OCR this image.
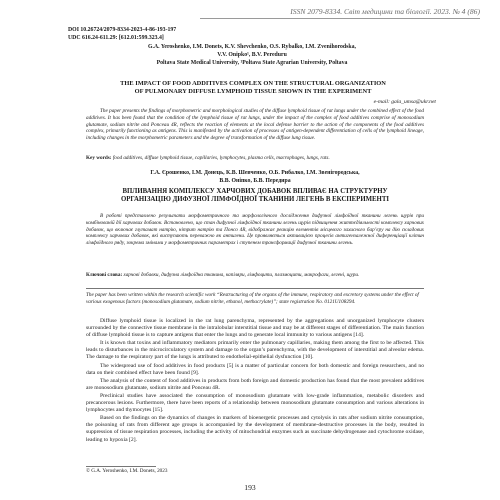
ISSN 2079-8334. Світ медицини та біології. 2023. № 4 (86)
DOI 10.26724/2079-8334-2023-4-86-193-197
UDC 616.24-611.29: [612.01:599.323.4]
G.A. Yeroshenko, I.M. Donets, K.V. Shevchenko, O.S. Rybalko, I.M. Zvenihorodska,
V.V. Onipko¹, B.V. Pereduru
Poltava State Medical University, ¹Poltava State Agrarian University, Poltava
THE IMPACT OF FOOD ADDITIVES COMPLEX ON THE STRUCTURAL ORGANIZATION
OF PULMONARY DIFFUSE LYMPHOID TISSUE SHOWN IN THE EXPERIMENT
e-mail: gala_umsa@ukr.net

The paper presents the findings of morphometric and morphological studies of the diffuse lymphoid tissue of rat lungs under the combined effect of the food additives. It has been found that the condition of the lymphoid tissue of rat lungs, under the impact of the complex of food additives comprise of monosodium glutamate, sodium nitrite and Ponceau 4R, reflects the reaction of elements at the local defense barrier to the action of the components of the food additives complex, primarily functioning as antigens. This is manifested by the activation of processes of antigen-dependent differentiation of cells of the lymphoid lineage, including changes in the morphometric parameters and the degree of transformation of the diffuse lung tissue.

Key words: food additives, diffuse lymphoid tissue, capillaries, lymphocytes, plasma cells, macrophages, lungs, rats.
Г.А. Єрошенко, І.М. Донець, К.В. Шевченко, О.Б. Рибалко, І.М. Звенігородська,
В.В. Оніпко, Б.В. Передира
ВПЛИВАННЯ КОМПЛЕКСУ ХАРЧОВИХ ДОБАВОК ВПЛИВАЄ НА СТРУКТУРНУ
ОРГАНІЗАЦІЮ ДИФУЗНОЇ ЛІМФОЇДНОЇ ТКАНИНИ ЛЕГЕНЬ В ЕКСПЕРИМЕНТІ

В роботі представлено результати морфометричного та морфологічного дослідження дифузної лімфоїдної тканини легень щурів при комбінованій дії харчових добавок. Встановлено, що стан дифузної лімфоїдної тканини легень щурів підвищення життєдіяльності комплексу харчових добавок, що включає глутамат натрію, нітрит натрію та Понсо 4R, відображає реакцію елементів місцевого захисного бар’єру на дію складових комплексу харчових добавок, які виступають переважно як антигени. Це проявляється активацією процесів антигензалежної диференціації клітин лімфоїдного ряду, зокрема змінами у морфометричних параметрах і ступенем трансформації дифузної тканини легень.

Ключові слова: харчові добавки, дифузна лімфоїдна тканина, капіляри, лімфоцити, плазмоцити, макрофаги, легені, щури.
The paper has been written within the research scientific work “Restructuring of the organs of the immune, respiratory and excretory systems under the effect of various exogenous factors (monosodium glutamate, sodium nitrite, ethanol, methacrylate)”; state registration No. 0121U108294.

Diffuse lymphoid tissue is localized in the rat lung parenchyma, represented by the aggregations and unorganized lymphocyte clusters surrounded by the connective tissue membrane in the intralobular interstitial tissue and may be at different stages of differentiation. The main function of diffuse lymphoid tissue is to capture antigens that enter the lungs and to generate local immunity to various antigens [14].

It is known that toxins and inflammatory mediators primarily enter the pulmonary capillaries, making them among the first to be affected. This leads to disturbances in the microcirculatory system and damage to the organ’s parenchyma, with the development of interstitial and alveolar edema. The damage to the respiratory part of the lungs is attributed to endothelial-epithelial dysfunction [10].

The widespread use of food additives in food products [5] is a matter of particular concern for both domestic and foreign researchers, and no data on their combined effect have been found [9].

The analysis of the content of food additives in products from both foreign and domestic production has found that the most prevalent additives are monosodium glutamate, sodium nitrite and Ponceau 4R.

Preclinical studies have associated the consumption of monosodium glutamate with low-grade inflammation, metabolic disorders and precancerous lesions. Furthermore, there have been reports of a relationship between monosodium glutamate consumption and various alterations in lymphocytes and thymocytes [15].

Based on the findings on the dynamics of changes in markers of bioenergetic processes and cytolysis in rats after sodium nitrite consumption, the poisoning of rats from different age groups is accompanied by the development of membrane-destructive processes in the body, resulted in suppression of tissue respiration processes, including the activity of mitochondrial enzymes such as succinate dehydrogenase and cytochrome oxidase, leading to hypoxia [2].

© G.A. Yeroshenko, I.M. Donets, 2023
193
